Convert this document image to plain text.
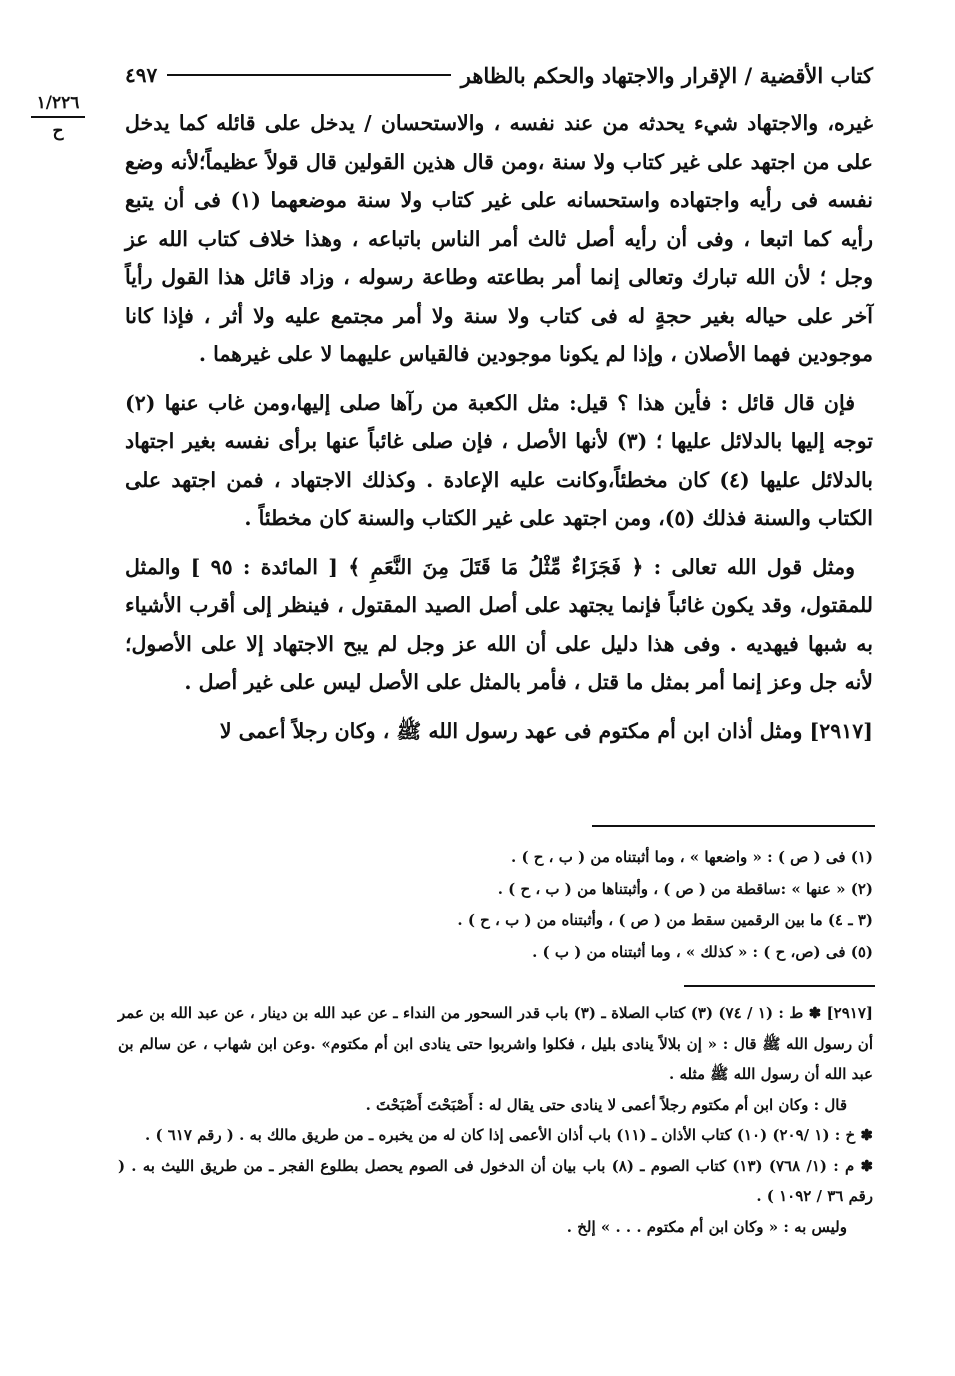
كتاب الأقضية / الإقرار والاجتهاد والحكم بالظاهر
٤٩٧
١/٢٢٦
ح	غيره، والاجتهاد شيء يحدثه من عند نفسه ، والاستحسان / يدخل على قائله كما يدخل على من اجتهد على غير كتاب ولا سنة ،ومن قال هذين القولين قال قولاً عظيماً؛لأنه وضع نفسه فى رأيه واجتهاده واستحسانه على غير كتاب ولا سنة موضعهما (١) فى أن يتبع رأيه كما اتبعا ، وفى أن رأيه أصل ثالث أمر الناس باتباعه ، وهذا خلاف كتاب الله عز وجل ؛ لأن الله تبارك وتعالى إنما أمر بطاعته وطاعة رسوله ، وزاد قائل هذا القول رأياً آخر على حياله بغير حجةٍ له فى كتاب ولا سنة ولا أمر مجتمع عليه ولا أثر ، فإذا كانا موجودين فهما الأصلان ، وإذا لم يكونا موجودين فالقياس عليهما لا على غيرهما .

فإن قال قائل : فأين هذا ؟ قيل: مثل الكعبة من رآها صلى إليها،ومن غاب عنها (٢) توجه إليها بالدلائل عليها ؛ (٣) لأنها الأصل ، فإن صلى غائباً عنها برأى نفسه بغير اجتهاد بالدلائل عليها (٤) كان مخطئاً،وكانت عليه الإعادة . وكذلك الاجتهاد ، فمن اجتهد على الكتاب والسنة فذلك (٥)، ومن اجتهد على غير الكتاب والسنة كان مخطئاً .

ومثل قول الله تعالى : ﴿ فَجَزَاءٌ مِّثْلُ مَا قَتَلَ مِنَ النَّعَمِ ﴾ [ المائدة : ٩٥ ] والمثل للمقتول، وقد يكون غائباً فإنما يجتهد على أصل الصيد المقتول ، فينظر إلى أقرب الأشياء به شبها فيهديه . وفى هذا دليل على أن الله عز وجل لم يبح الاجتهاد إلا على الأصول؛ لأنه جل وعز إنما أمر بمثل ما قتل ، فأمر بالمثل على الأصل ليس على غير أصل .

[٢٩١٧] ومثل أذان ابن أم مكتوم فى عهد رسول الله ﷺ ، وكان رجلاً أعمى لا

(١) فى ( ص ) : « واضعها » ، وما أثبتناه من ( ب ، ح ) .
(٢) « عنها » :ساقطة من ( ص ) ، وأثبتناها من ( ب ، ح ) .
(٣ ـ ٤) ما بين الرقمين سقط من ( ص ) ، وأثبتناه من ( ب ، ح ) .
(٥) فى (ص، ح ) : « كذلك » ، وما أثبتناه من ( ب ) .
[٢٩١٧] ✽ ط : (١ / ٧٤) (٣) كتاب الصلاة ـ (٣) باب قدر السحور من النداء ـ عن عبد الله بن دينار ، عن عبد الله بن عمر أن رسول الله ﷺ قال : « إن بلالاً ينادى بليل ، فكلوا واشربوا حتى ينادى ابن أم مكتوم» .وعن ابن شهاب ، عن سالم بن عبد الله أن رسول الله ﷺ مثله .
قال : وكان ابن أم مكتوم رجلاً أعمى لا ينادى حتى يقال له : أَصْبَحْتَ أَصْبَحْتَ .
✽ خ : (١ /٢٠٩) (١٠) كتاب الأذان ـ (١١) باب أذان الأعمى إذا كان له من يخبره ـ من طريق مالك به . ( رقم ٦١٧ ) .
✽ م : (١/ ٧٦٨) (١٣) كتاب الصوم ـ (٨) باب بيان أن الدخول فى الصوم يحصل بطلوع الفجر ـ من طريق الليث به . ( رقم ٣٦ / ١٠٩٢ ) .
وليس به : « وكان ابن أم مكتوم . . . » إلخ .
